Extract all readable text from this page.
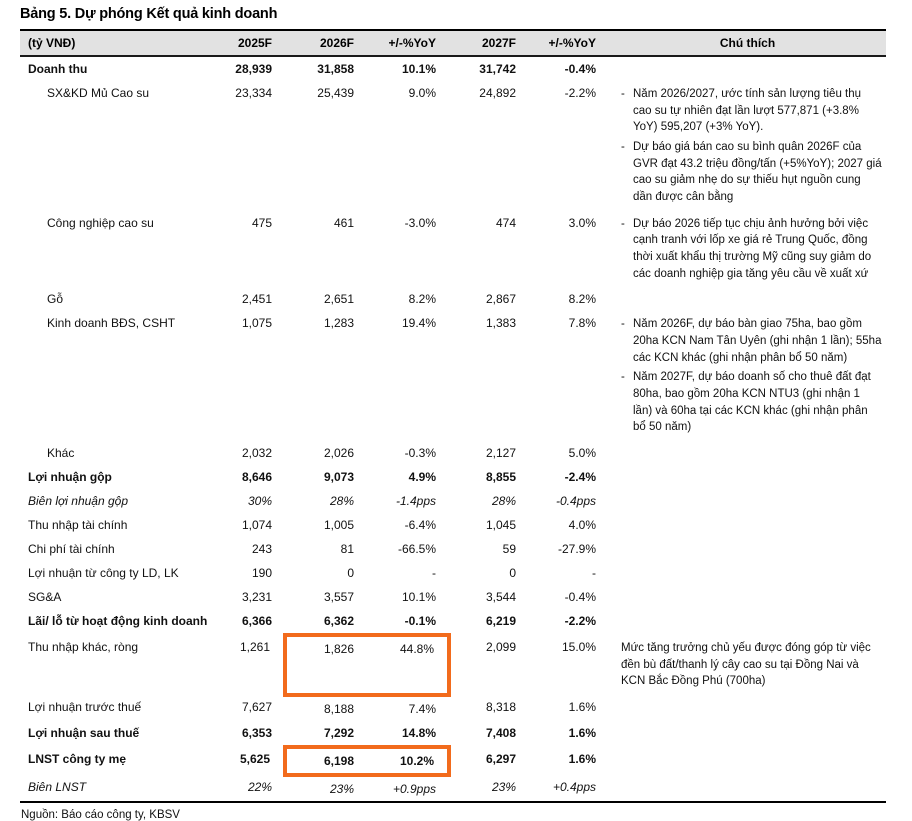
Bảng 5. Dự phóng Kết quả kinh doanh
(tỷ VNĐ)	2025F	2026F	+/-%YoY	2027F	+/-%YoY	Chú thích
Doanh thu	28,939	31,858	10.1%	31,742	-0.4%	
SX&KD Mủ Cao su	23,334	25,439	9.0%	24,892	-2.2%	- Năm 2026/2027, ước tính sản lượng tiêu thụ cao su tự nhiên đạt lần lượt 577,871 (+3.8% YoY) 595,207 (+3% YoY).
- Dự báo giá bán cao su bình quân 2026F của GVR đạt 43.2 triệu đồng/tấn (+5%YoY); 2027 giá cao su giảm nhẹ do sự thiếu hụt nguồn cung dần được cân bằng

Công nghiệp cao su	475	461	-3.0%	474	3.0%	- Dự báo 2026 tiếp tục chịu ảnh hưởng bởi việc cạnh tranh với lốp xe giá rẻ Trung Quốc, đồng thời xuất khẩu thị trường Mỹ cũng suy giảm do các doanh nghiệp gia tăng yêu cầu về xuất xứ

Gỗ	2,451	2,651	8.2%	2,867	8.2%	
Kinh doanh BĐS, CSHT	1,075	1,283	19.4%	1,383	7.8%	- Năm 2026F, dự báo bàn giao 75ha, bao gồm 20ha KCN Nam Tân Uyên (ghi nhận 1 lần); 55ha các KCN khác (ghi nhận phân bổ 50 năm)
- Năm 2027F, dự báo doanh số cho thuê đất đạt 80ha, bao gồm 20ha KCN NTU3 (ghi nhận 1 lần) và 60ha tại các KCN khác (ghi nhận phân bổ 50 năm)

Khác	2,032	2,026	-0.3%	2,127	5.0%	
Lợi nhuận gộp	8,646	9,073	4.9%	8,855	-2.4%	
Biên lợi nhuận gộp	30%	28%	-1.4pps	28%	-0.4pps	
Thu nhập tài chính	1,074	1,005	-6.4%	1,045	4.0%	
Chi phí tài chính	243	81	-66.5%	59	-27.9%	
Lợi nhuận từ công ty LD, LK	190	0	-	0	-	
SG&A	3,231	3,557	10.1%	3,544	-0.4%	
Lãi/ lỗ từ hoạt động kinh doanh	6,366	6,362	-0.1%	6,219	-2.2%	
Thu nhập khác, ròng	1,261	1,826	44.8%	2,099	15.0%	Mức tăng trưởng chủ yếu được đóng góp từ việc đền bù đất/thanh lý cây cao su tại Đồng Nai và KCN Bắc Đồng Phú (700ha)

Lợi nhuận trước thuế	7,627	8,188	7.4%	8,318	1.6%	
Lợi nhuận sau thuế	6,353	7,292	14.8%	7,408	1.6%	
LNST công ty mẹ	5,625	6,198	10.2%	6,297	1.6%	
Biên LNST	22%	23%	+0.9pps	23%	+0.4pps	
Nguồn: Báo cáo công ty, KBSV
